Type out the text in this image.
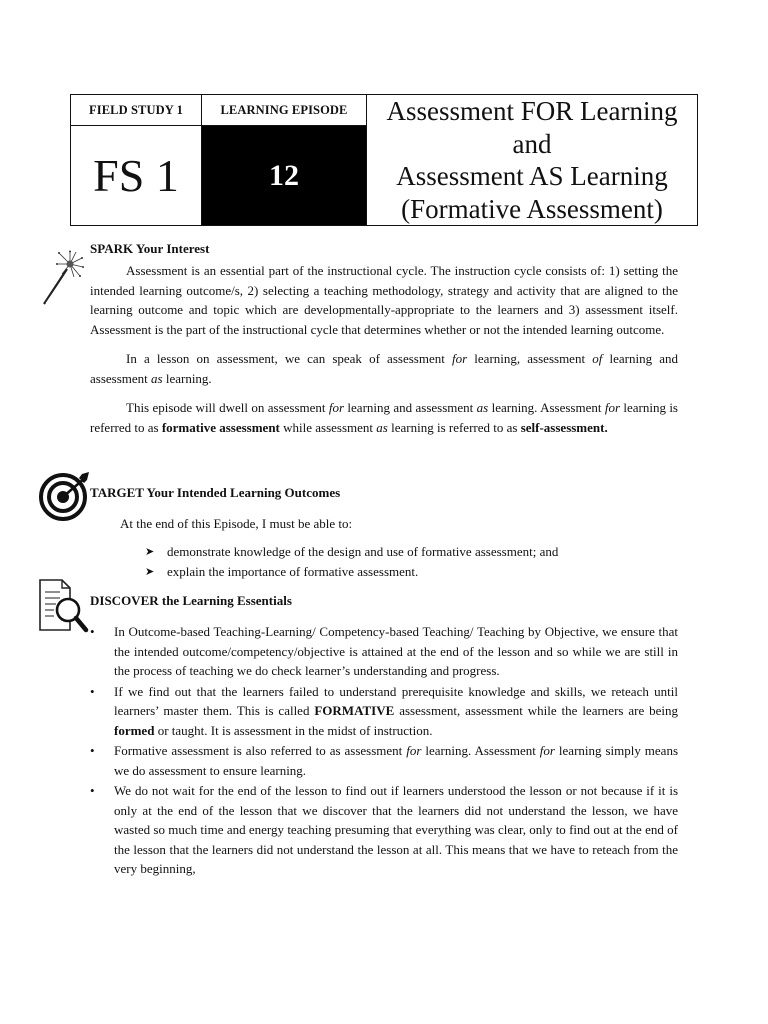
FIELD STUDY 1	LEARNING EPISODE	Assessment FOR Learning
and
Assessment AS Learning
(Formative Assessment)

FS 1	12	
SPARK Your Interest

Assessment is an essential part of the instructional cycle. The instruction cycle consists of: 1) setting the intended learning outcome/s, 2) selecting a teaching methodology, strategy and activity that are aligned to the learning outcome and topic which are developmentally-appropriate to the learners and 3) assessment itself. Assessment is the part of the instructional cycle that determines whether or not the intended learning outcome.

In a lesson on assessment, we can speak of assessment for learning, assessment of learning and assessment as learning.

This episode will dwell on assessment for learning and assessment as learning. Assessment for learning is referred to as formative assessment while assessment as learning is referred to as self-assessment.

TARGET Your Intended Learning Outcomes
At the end of this Episode, I must be able to:
➤ demonstrate knowledge of the design and use of formative assessment; and
➤ explain the importance of formative assessment.
DISCOVER the Learning Essentials
• In Outcome-based Teaching-Learning/ Competency-based Teaching/ Teaching by Objective, we ensure that the intended outcome/competency/objective is attained at the end of the lesson and so while we are still in the process of teaching we do check learner’s understanding and progress.
• If we find out that the learners failed to understand prerequisite knowledge and skills, we reteach until learners’ master them. This is called FORMATIVE assessment, assessment while the learners are being formed or taught. It is assessment in the midst of instruction.
• Formative assessment is also referred to as assessment for learning. Assessment for learning simply means we do assessment to ensure learning.
• We do not wait for the end of the lesson to find out if learners understood the lesson or not because if it is only at the end of the lesson that we discover that the learners did not understand the lesson, we have wasted so much time and energy teaching presuming that everything was clear, only to find out at the end of the lesson that the learners did not understand the lesson at all. This means that we have to reteach from the very beginning,
